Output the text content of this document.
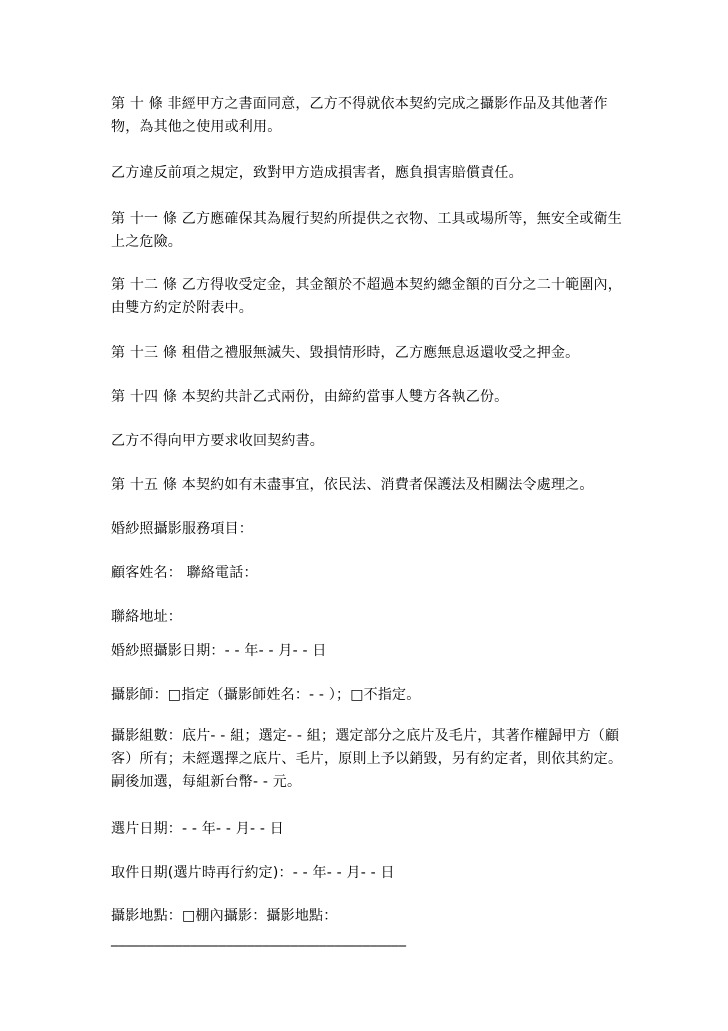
第 十 條 非經甲方之書面同意，乙方不得就依本契約完成之攝影作品及其他著作物，為其他之使用或利用。

乙方違反前項之規定，致對甲方造成損害者，應負損害賠償責任。

第 十一 條 乙方應確保其為履行契約所提供之衣物、工具或場所等，無安全或衛生上之危險。

第 十二 條 乙方得收受定金，其金額於不超過本契約總金額的百分之二十範圍內，由雙方約定於附表中。

第 十三 條 租借之禮服無滅失、毀損情形時，乙方應無息返還收受之押金。

第 十四 條 本契約共計乙式兩份，由締約當事人雙方各執乙份。

乙方不得向甲方要求收回契約書。

第 十五 條 本契約如有未盡事宜，依民法、消費者保護法及相關法令處理之。

婚紗照攝影服務項目：

顧客姓名： 聯絡電話：

聯絡地址：

婚紗照攝影日期：- - 年- - 月- - 日

攝影師：□指定（攝影師姓名：- - ）；□不指定。

攝影組數：底片- - 組；選定- - 組；選定部分之底片及毛片，其著作權歸甲方（顧客）所有；未經選擇之底片、毛片，原則上予以銷毀，另有約定者，則依其約定。嗣後加選，每組新台幣- - 元。

選片日期：- - 年- - 月- - 日

取件日期(選片時再行約定)：- - 年- - 月- - 日

攝影地點：□棚內攝影：攝影地點：_________________________________________
